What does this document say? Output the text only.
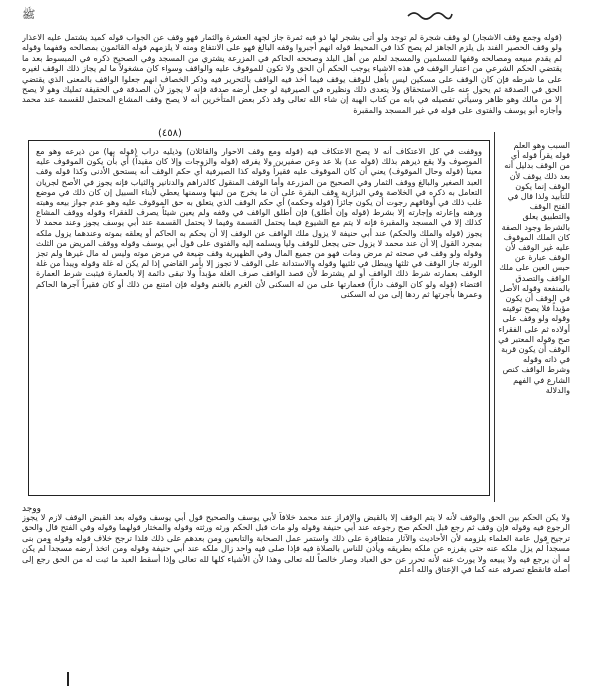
ﷺ
(قوله وجمع وقف الاشجار) لو وقف شجرة لم توجد ولو أتى بشجر لها ذو فيه ثمرة جاز لجهة العشرة والثمار فهو وقف عن الجواب قوله كميد يشتمل عليه الاعذار ولو وقف الحصير الفند بل يلزم الجاهز لم يصح كذا في المحيط قوله انهم أجبروا وقفه البالغ فهو على الانتفاع ومنه لا يلزمهم قوله القائمون بمصالحه وقفهما وقوله لم يقدم مبيعه ومصالحه وقفها للمسلمين والمسجد لعلم من أهل البلد وصححه الحاكم في المزرعة يشتري من المسجد وفي الصحيح ذكره في المبسوط بعد ما يقتضي الحكم الشرعي من اعتبار الوقف في هذه الاشياء يوجب الحكم أن الحق ولا تكون للموقوف عليه والواقف وسواء كان مشغولاً ما لم يجاز ذلك الوقف لغيره على ما شرطه فإن كان الوقف على مسكين ليس بأهل للوقف يوقف فيما أخذ فيه الواقف بالتحرير فيه وذكر الخصاف انهم جعلوا الواقف بالمعنى الذي يقتضي الحق في الصدقة ثم يحول عنه على الاستحقاق ولا يتعدى ذلك ونظيره في الصيرفية لو جعل أرضه صدقة فإنه لا يجوز لأن الصدقة في الحقيقة تمليك وهو لا يصح إلا من مالك وهو ظاهر وسيأتي تفصيله في بابه من كتاب الهبة إن شاء الله تعالى وقد ذكر بعض المتأخرين أنه لا يصح وقف المشاع المحتمل للقسمة عند محمد وأجازه أبو يوسف والفتوى على قوله في غير المسجد والمقبرة
(٤٥٨)
ووقفت في كل الاعتكاف أنه لا يصح الاعتكاف فيه (قوله ومع وقف الاحوار والقائلان) وذيليه دراب (قوله بها) من ذيرعه وهو مع الموصوف ولا يقع ذيرهم بذلك (قوله عد) بلا عد وعن صفيرين ولا يفرقه (قوله والزوجات وإلا كان مقيداً) أي بأن يكون الموقوف عليه معيناً (قوله وحال الموقوف) يعني أن كان الموقوف عليه فقيراً وقوله كذا الصيرفية أي حكم الوقف أنه يستحق الأدنى وكذا قوله وقف العبد الصغير والبالغ ووقف الثمار وفي الصحيح من المزرعة وأما الوقف المنقول كالدراهم والدنانير والثياب فإنه يجوز في الأصح لجريان التعامل به ذكره في الخلاصة وفي البزازية وقف البقرة على أن ما يخرج من لبنها وسمنها يعطي لأبناء السبيل إن كان ذلك في موضع غلب ذلك في أوقافهم رجوت أن يكون جائزاً (قوله وحكمه) أي حكم الوقف الذي يتعلق به حق الموقوف عليه وهو عدم جواز بيعه وهبته ورهنه وإعارته وإجارته إلا بشرط (قوله وإن أطلق) فإن أطلق الواقف في وقفه ولم يعين شيئاً يصرف للفقراء وقوله ووقف المشاع كذلك إلا في المسجد والمقبرة فإنه لا يتم مع الشيوع فيما يحتمل القسمة وفيما لا يحتمل القسمة عند أبي يوسف يجوز وعند محمد لا يجوز (قوله والملك والحكم) عند أبي حنيفة لا يزول ملك الواقف عن الوقف إلا أن يحكم به الحاكم أو يعلقه بموته وعندهما يزول ملكه بمجرد القول إلا أن عند محمد لا يزول حتى يجعل للوقف ولياً ويسلمه إليه والفتوى على قول أبي يوسف وقوله ووقف المريض من الثلث وقوله ولو وقف في صحته ثم مرض ومات فهو من جميع المال وفي الظهيرية وقف ضيعة في مرض موته وليس له مال غيرها ولم تجز الورثة جاز الوقف في ثلثها ويبطل في ثلثيها وقوله والاستدانة على الوقف لا تجوز إلا بأمر القاضي إذا لم يكن له غلة وقوله ويبدأ من غلة الوقف بعمارته شرط ذلك الواقف أو لم يشترط لأن قصد الواقف صرف الغلة مؤبداً ولا تبقى دائمة إلا بالعمارة فيثبت شرط العمارة اقتضاء (قوله ولو كان الوقف داراً) فعمارتها على من له السكنى لأن الغرم بالغنم وقوله فإن امتنع من ذلك أو كان فقيراً آجرها الحاكم وعمرها بأجرتها ثم ردها إلى من له السكنى
السبب وهو العلم قوله يقرأ قوله أي من الوقف بدليل أنه بعد ذلك يوقف لأن الوقف إنما يكون للتأبيد ولذا قال في الفتح الوقف والتطبيق يعلق بالشرط وجود الصفة كان الملك الموقوف عليه غير الوقف لأن الوقف عبارة عن حبس العين على ملك الواقف والتصدق بالمنفعة وقوله الأصل في الوقف أن يكون مؤبداً فلا يصح توقيته وقوله ولو وقف على أولاده ثم على الفقراء صح وقوله المعتبر في الوقف أن يكون قربة في ذاته وقوله وشرط الواقف كنص الشارع في الفهم والدلالة
ووجد
ولا يكن الحكم بين الحق والوقف لأنه لا يتم الوقف إلا بالقبض والإفراز عند محمد خلافاً لأبي يوسف والصحيح قول أبي يوسف وقوله بعد القبض الوقف لازم لا يجوز الرجوع فيه وقوله فإن وقف ثم رجع قبل الحكم صح رجوعه عند أبي حنيفة وقوله ولو مات قبل الحكم ورثه ورثته وقوله والمختار قولهما وقوله وفي الفتح قال والحق ترجيح قول عامة العلماء بلزومه لأن الأحاديث والآثار متظافرة على ذلك واستمر عمل الصحابة والتابعين ومن بعدهم على ذلك فلذا ترجح خلاف قوله وقوله ومن بنى مسجداً لم يزل ملكه عنه حتى يفرزه عن ملكه بطريقه ويأذن للناس بالصلاة فيه فإذا صلى فيه واحد زال ملكه عند أبي حنيفة وقوله ومن اتخذ أرضه مسجداً لم يكن له أن يرجع فيه ولا يبيعه ولا يورث عنه لأنه تحرر عن حق العباد وصار خالصاً لله تعالى وهذا لأن الأشياء كلها لله تعالى وإذا أسقط العبد ما ثبت له من الحق رجع إلى أصله فانقطع تصرفه عنه كما في الإعتاق والله أعلم
